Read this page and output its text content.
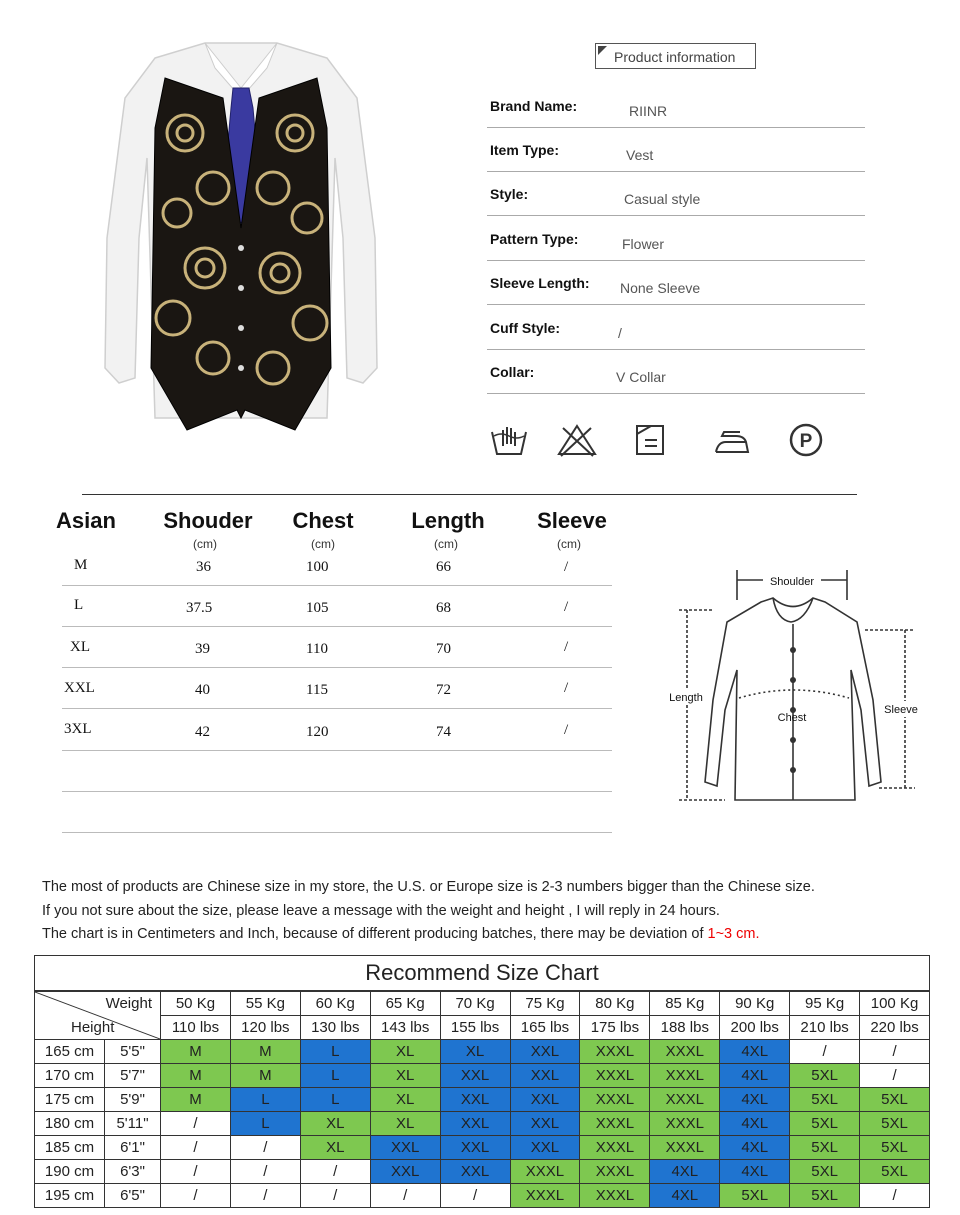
Product information
Brand Name:	RIINR
Item Type:	Vest
Style:	Casual style
Pattern Type:	Flower
Sleeve Length: None Sleeve
Cuff Style:	/
Collar:	V Collar
P
Asian	Shouder	Chest	Length	Sleeve
(cm)	(cm)	(cm)	(cm)
M	36	100	66	/
L	37.5	105	68	/
XL	39	110	70	/
XXL	40	115	72	/
3XL	42	120	74	/
Shoulder
Length
Chest
Sleeve
The most of products are Chinese size in my store, the U.S. or Europe size is 2-3 numbers bigger than the Chinese size.
If you not sure about the size, please leave a message with the weight and height , I will reply in 24 hours.
The chart is in Centimeters and Inch, because of different producing batches, there may be deviation of 1~3 cm.
Recommend Size Chart												

Weight
Height		50 Kg	55 Kg	60 Kg	65 Kg	70 Kg	75 Kg	80 Kg	85 Kg	90 Kg	95 Kg	100 Kg
		110 lbs	120 lbs	130 lbs	143 lbs	155 lbs	165 lbs	175 lbs	188 lbs	200 lbs	210 lbs	220 lbs
165 cm	5'5"	M	M	L	XL	XL	XXL	XXXL	XXXL	4XL	/	/
170 cm	5'7"	M	M	L	XL	XXL	XXL	XXXL	XXXL	4XL	5XL	/
175 cm	5'9"	M	L	L	XL	XXL	XXL	XXXL	XXXL	4XL	5XL	5XL
180 cm	5'11"	/	L	XL	XL	XXL	XXL	XXXL	XXXL	4XL	5XL	5XL
185 cm	6'1"	/	/	XL	XXL	XXL	XXL	XXXL	XXXL	4XL	5XL	5XL
190 cm	6'3"	/	/	/	XXL	XXL	XXXL	XXXL	4XL	4XL	5XL	5XL
195 cm	6'5"	/	/	/	/	/	XXXL	XXXL	4XL	5XL	5XL	/
